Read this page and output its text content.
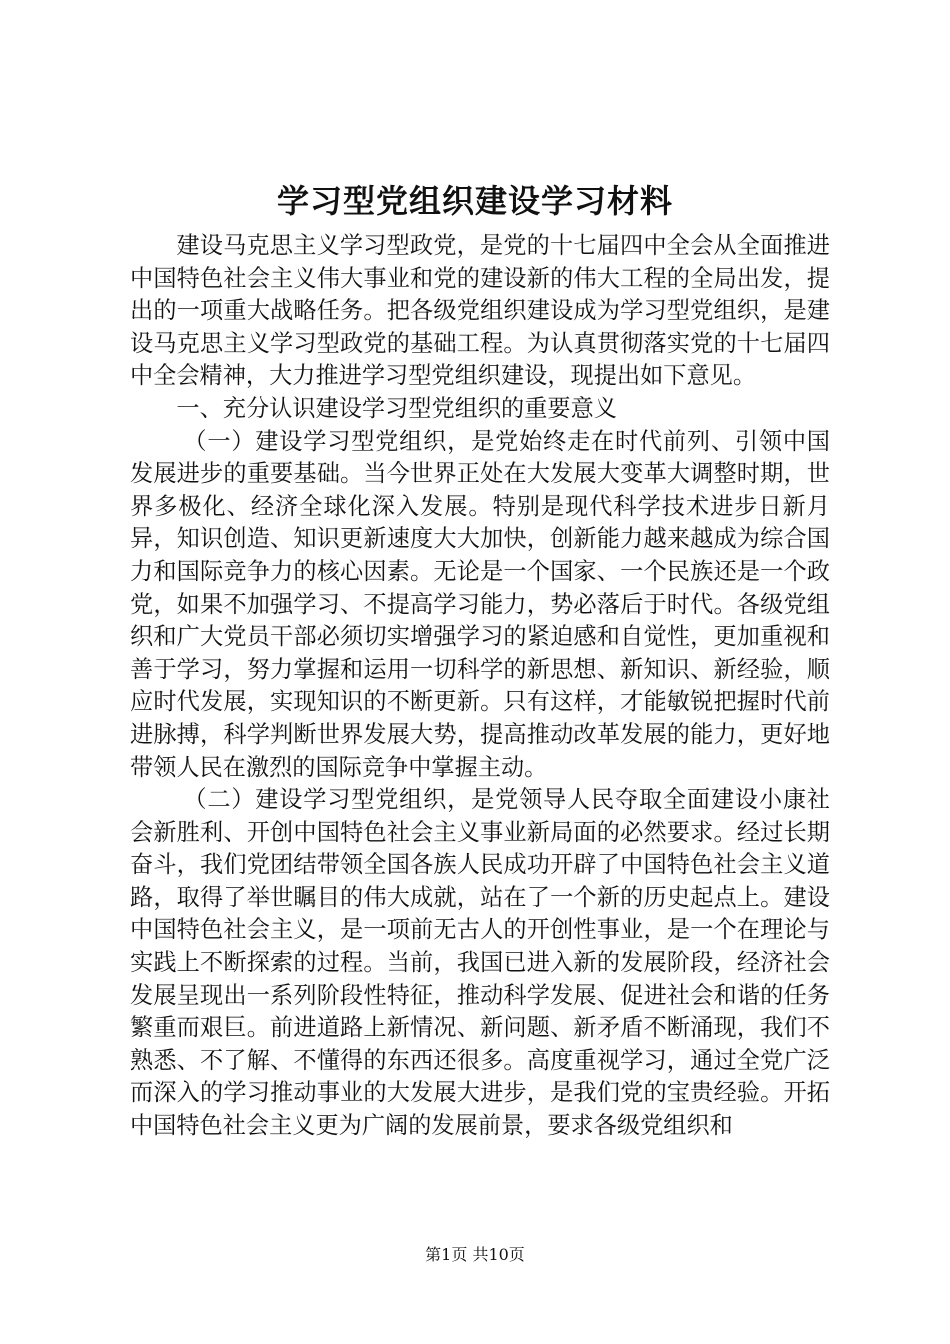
学习型党组织建设学习材料

建设马克思主义学习型政党，是党的十七届四中全会从全面推进中国特色社会主义伟大事业和党的建设新的伟大工程的全局出发，提出的一项重大战略任务。把各级党组织建设成为学习型党组织，是建设马克思主义学习型政党的基础工程。为认真贯彻落实党的十七届四中全会精神，大力推进学习型党组织建设，现提出如下意见。

一、充分认识建设学习型党组织的重要意义

（一）建设学习型党组织，是党始终走在时代前列、引领中国发展进步的重要基础。当今世界正处在大发展大变革大调整时期，世界多极化、经济全球化深入发展。特别是现代科学技术进步日新月异，知识创造、知识更新速度大大加快，创新能力越来越成为综合国力和国际竞争力的核心因素。无论是一个国家、一个民族还是一个政党，如果不加强学习、不提高学习能力，势必落后于时代。各级党组织和广大党员干部必须切实增强学习的紧迫感和自觉性，更加重视和善于学习，努力掌握和运用一切科学的新思想、新知识、新经验，顺应时代发展，实现知识的不断更新。只有这样，才能敏锐把握时代前进脉搏，科学判断世界发展大势，提高推动改革发展的能力，更好地带领人民在激烈的国际竞争中掌握主动。

（二）建设学习型党组织，是党领导人民夺取全面建设小康社会新胜利、开创中国特色社会主义事业新局面的必然要求。经过长期奋斗，我们党团结带领全国各族人民成功开辟了中国特色社会主义道路，取得了举世瞩目的伟大成就，站在了一个新的历史起点上。建设中国特色社会主义，是一项前无古人的开创性事业，是一个在理论与实践上不断探索的过程。当前，我国已进入新的发展阶段，经济社会发展呈现出一系列阶段性特征，推动科学发展、促进社会和谐的任务繁重而艰巨。前进道路上新情况、新问题、新矛盾不断涌现，我们不熟悉、不了解、不懂得的东西还很多。高度重视学习，通过全党广泛而深入的学习推动事业的大发展大进步，是我们党的宝贵经验。开拓中国特色社会主义更为广阔的发展前景，要求各级党组织和

第1页 共10页
